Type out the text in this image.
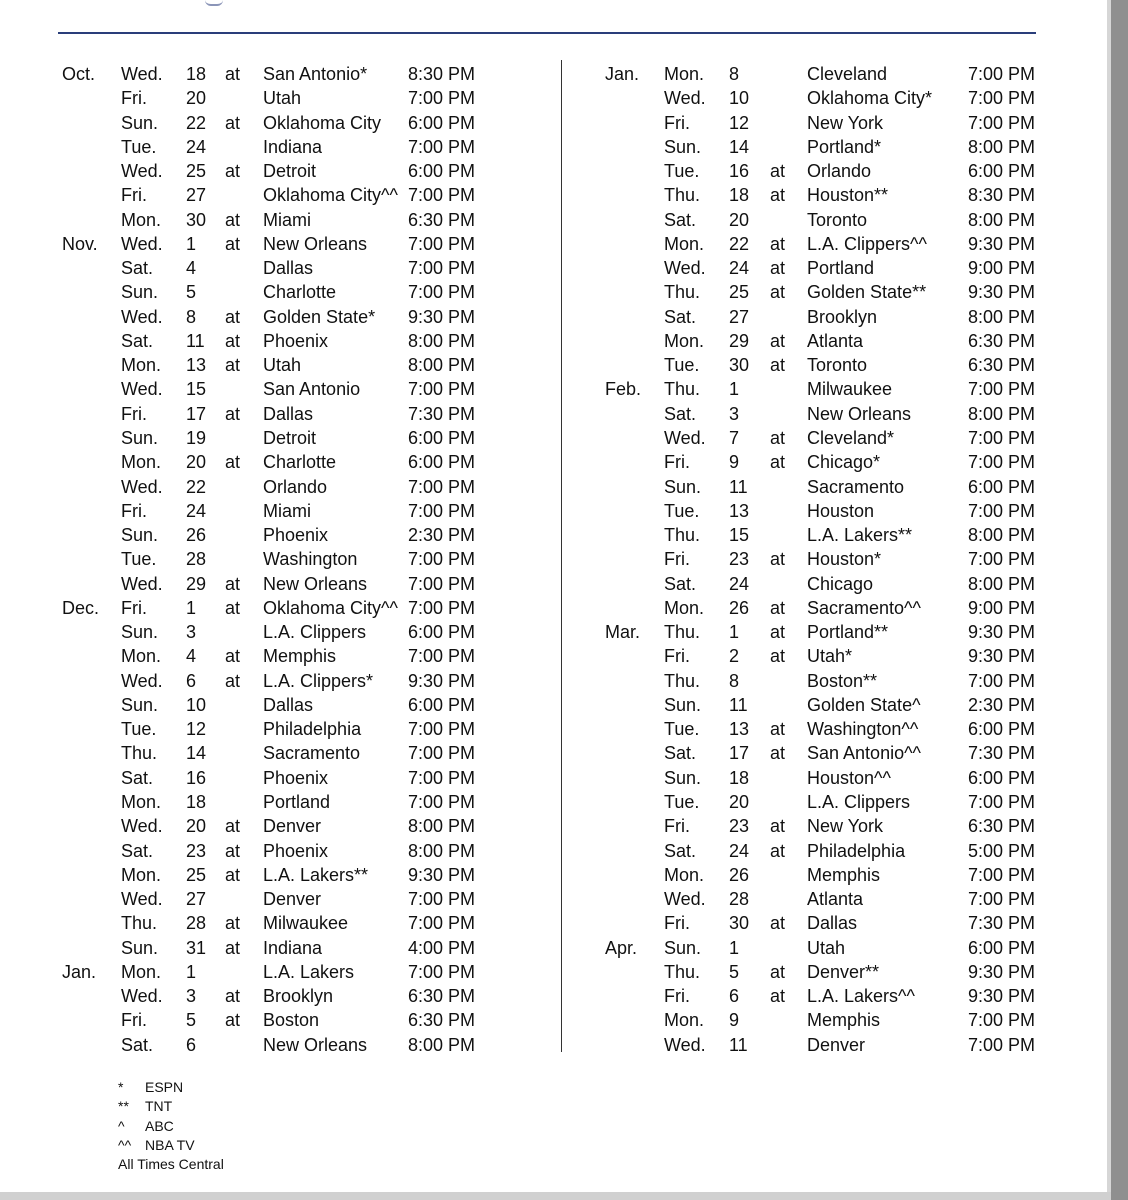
Oct. Wed. 18 at San Antonio* 8:30 PM
Fri. 20	Utah	7:00 PM
Sun. 22 at Oklahoma City 6:00 PM
Tue. 24	Indiana	7:00 PM
Wed. 25 at Detroit	6:00 PM
Fri. 27	Oklahoma City^^ 7:00 PM
Mon. 30 at Miami	6:30 PM
Nov. Wed. 1 at New Orleans 7:00 PM
Sat. 4	Dallas	7:00 PM
Sun. 5	Charlotte	7:00 PM
Wed. 8 at Golden State* 9:30 PM
Sat. 11 at Phoenix	8:00 PM
Mon. 13 at Utah	8:00 PM
Wed. 15	San Antonio	7:00 PM
Fri. 17 at Dallas	7:30 PM
Sun. 19	Detroit	6:00 PM
Mon. 20 at Charlotte	6:00 PM
Wed. 22	Orlando	7:00 PM
Fri. 24	Miami	7:00 PM
Sun. 26	Phoenix	2:30 PM
Tue. 28	Washington	7:00 PM
Wed. 29 at New Orleans 7:00 PM
Dec. Fri. 1 at Oklahoma City^^ 7:00 PM
Sun. 3	L.A. Clippers 6:00 PM
Mon. 4 at Memphis	7:00 PM
Wed. 6 at L.A. Clippers* 9:30 PM
Sun. 10	Dallas	6:00 PM
Tue. 12	Philadelphia	7:00 PM
Thu. 14	Sacramento	7:00 PM
Sat. 16	Phoenix	7:00 PM
Mon. 18	Portland	7:00 PM
Wed. 20 at Denver	8:00 PM
Sat. 23 at Phoenix	8:00 PM
Mon. 25 at L.A. Lakers** 9:30 PM
Wed. 27	Denver	7:00 PM
Thu. 28 at Milwaukee	7:00 PM
Sun. 31 at Indiana	4:00 PM
Jan. Mon. 1	L.A. Lakers	7:00 PM
Wed. 3 at Brooklyn	6:30 PM
Fri. 5 at Boston	6:30 PM
Sat. 6	New Orleans 8:00 PM
Jan. Mon. 8	Cleveland	7:00 PM
Wed. 10	Oklahoma City* 7:00 PM
Fri. 12	New York	7:00 PM
Sun. 14	Portland*	8:00 PM
Tue. 16 at Orlando	6:00 PM
Thu. 18 at Houston**	8:30 PM
Sat. 20	Toronto	8:00 PM
Mon. 22 at L.A. Clippers^^ 9:30 PM
Wed. 24 at Portland	9:00 PM
Thu. 25 at Golden State** 9:30 PM
Sat. 27	Brooklyn	8:00 PM
Mon. 29 at Atlanta	6:30 PM
Tue. 30 at Toronto	6:30 PM
Feb. Thu. 1	Milwaukee	7:00 PM
Sat. 3	New Orleans	8:00 PM
Wed. 7 at Cleveland*	7:00 PM
Fri. 9 at Chicago*	7:00 PM
Sun. 11	Sacramento	6:00 PM
Tue. 13	Houston	7:00 PM
Thu. 15	L.A. Lakers**	8:00 PM
Fri. 23 at Houston*	7:00 PM
Sat. 24	Chicago	8:00 PM
Mon. 26 at Sacramento^^	9:00 PM
Mar. Thu. 1 at Portland**	9:30 PM
Fri. 2 at Utah*	9:30 PM
Thu. 8	Boston**	7:00 PM
Sun. 11	Golden State^	2:30 PM
Tue. 13 at Washington^^	6:00 PM
Sat. 17 at San Antonio^^	7:30 PM
Sun. 18	Houston^^	6:00 PM
Tue. 20	L.A. Clippers	7:00 PM
Fri. 23 at New York	6:30 PM
Sat. 24 at Philadelphia	5:00 PM
Mon. 26	Memphis	7:00 PM
Wed. 28	Atlanta	7:00 PM
Fri. 30 at Dallas	7:30 PM
Apr. Sun. 1	Utah	6:00 PM
Thu. 5 at Denver**	9:30 PM
Fri. 6 at L.A. Lakers^^	9:30 PM
Mon. 9	Memphis	7:00 PM
Wed. 11	Denver	7:00 PM
* ESPN
** TNT
^ ABC
^^ NBA TV
All Times Central
